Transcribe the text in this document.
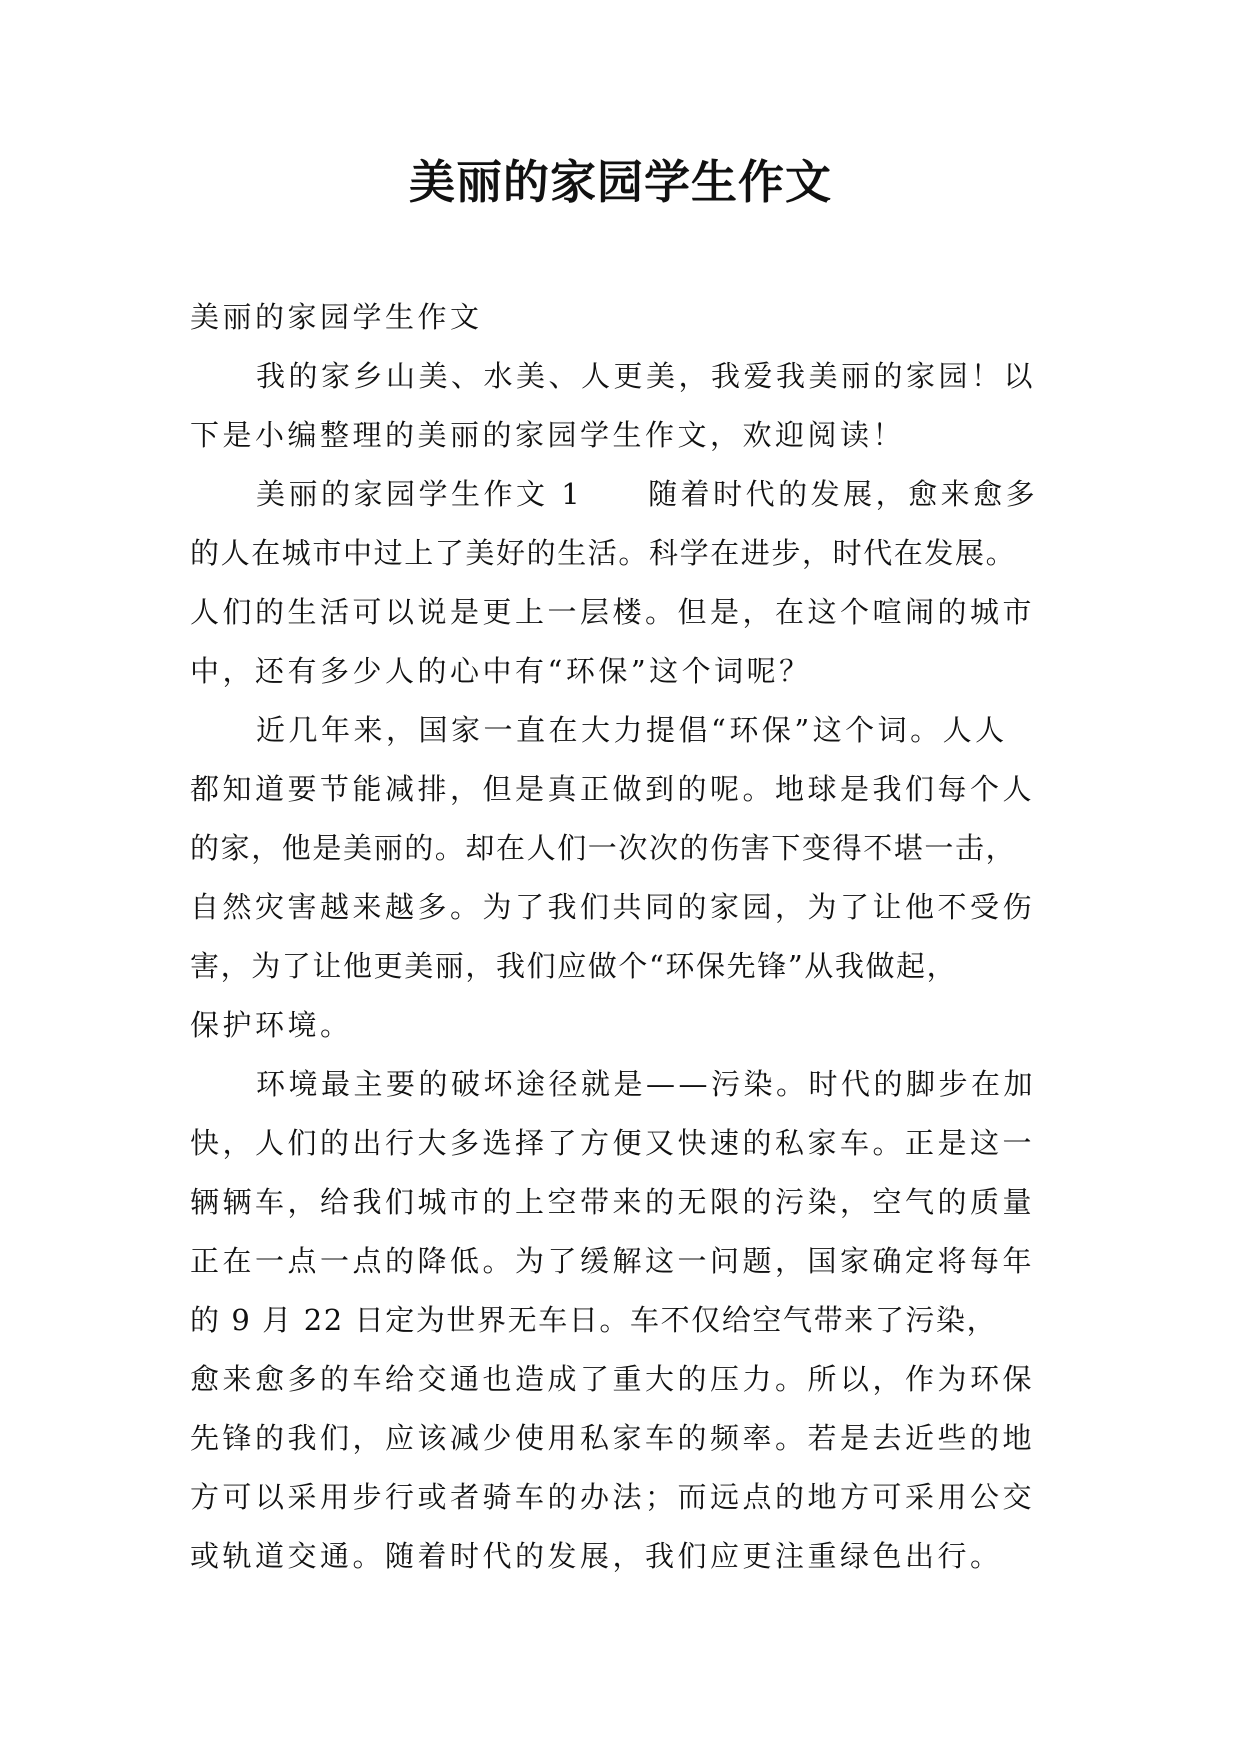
美丽的家园学生作文
美丽的家园学生作文
我的家乡山美、水美、人更美，我爱我美丽的家园！以
下是小编整理的美丽的家园学生作文，欢迎阅读！
美丽的家园学生作文 1　　随着时代的发展，愈来愈多
的人在城市中过上了美好的生活。科学在进步，时代在发展。
人们的生活可以说是更上一层楼。但是，在这个喧闹的城市
中，还有多少人的心中有“环保”这个词呢？
近几年来，国家一直在大力提倡“环保”这个词。人人
都知道要节能减排，但是真正做到的呢。地球是我们每个人
的家，他是美丽的。却在人们一次次的伤害下变得不堪一击，
自然灾害越来越多。为了我们共同的家园，为了让他不受伤
害，为了让他更美丽，我们应做个“环保先锋”从我做起，
保护环境。
环境最主要的破坏途径就是——污染。时代的脚步在加
快，人们的出行大多选择了方便又快速的私家车。正是这一
辆辆车，给我们城市的上空带来的无限的污染，空气的质量
正在一点一点的降低。为了缓解这一问题，国家确定将每年
的 9 月 22 日定为世界无车日。车不仅给空气带来了污染，
愈来愈多的车给交通也造成了重大的压力。所以，作为环保
先锋的我们，应该减少使用私家车的频率。若是去近些的地
方可以采用步行或者骑车的办法；而远点的地方可采用公交
或轨道交通。随着时代的发展，我们应更注重绿色出行。
